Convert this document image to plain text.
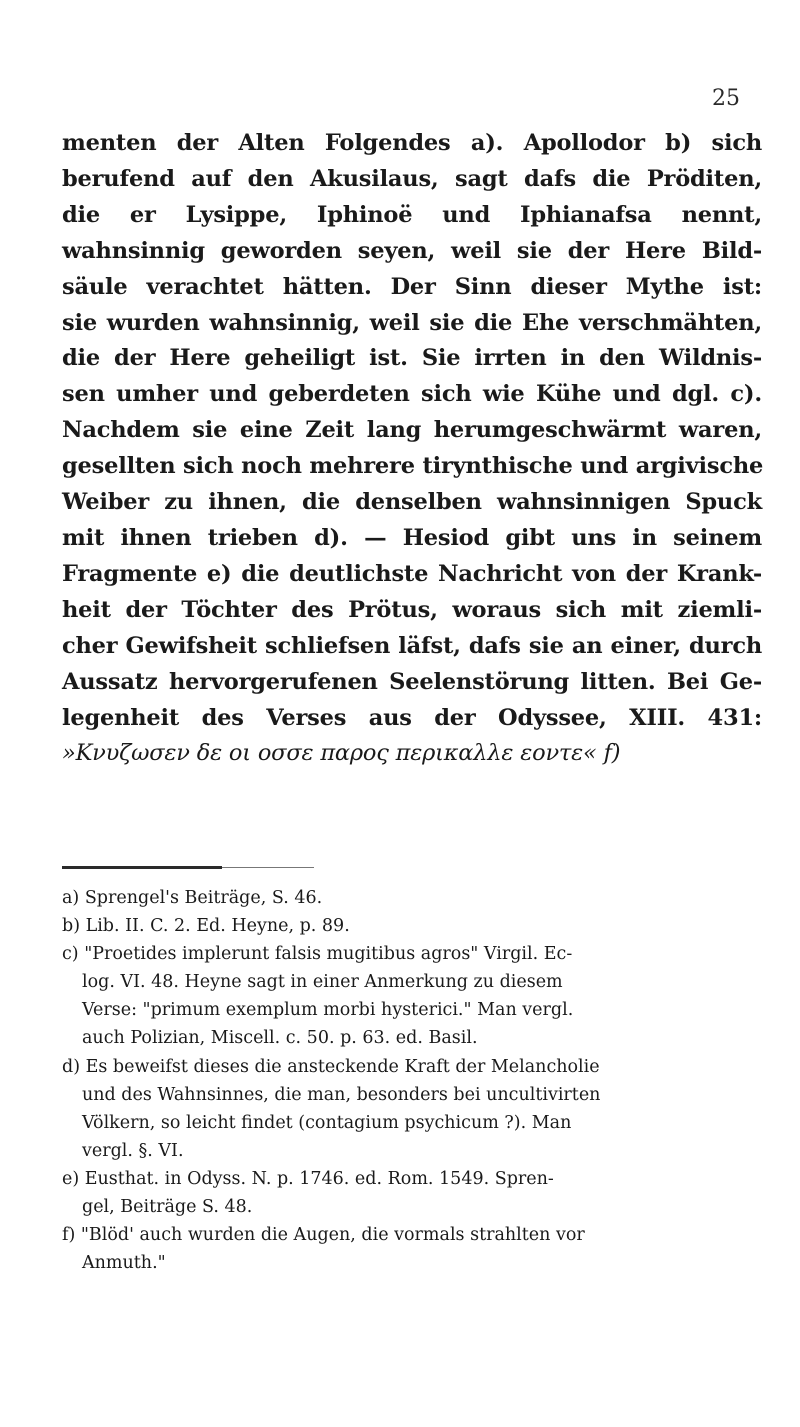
25
menten der Alten Folgendes a). Apollodor b) sich
berufend auf den Akusilaus, sagt dafs die Pröditen,
die er Lysippe, Iphinoë und Iphianafsa nennt,
wahnsinnig geworden seyen, weil sie der Here Bild-
säule verachtet hätten. Der Sinn dieser Mythe ist:
sie wurden wahnsinnig, weil sie die Ehe verschmähten,
die der Here geheiligt ist. Sie irrten in den Wildnis-
sen umher und geberdeten sich wie Kühe und dgl. c).
Nachdem sie eine Zeit lang herumgeschwärmt waren,
gesellten sich noch mehrere tirynthische und argivische
Weiber zu ihnen, die denselben wahnsinnigen Spuck
mit ihnen trieben d). — Hesiod gibt uns in seinem
Fragmente e) die deutlichste Nachricht von der Krank-
heit der Töchter des Prötus, woraus sich mit ziemli-
cher Gewifsheit schliefsen läfst, dafs sie an einer, durch
Aussatz hervorgerufenen Seelenstörung litten. Bei Ge-
legenheit des Verses aus der Odyssee, XIII. 431:
»Κνυζωσεν δε οι οσσε παρος περικαλλε εοντε« f)
a) Sprengel's Beiträge, S. 46.
b) Lib. II. C. 2. Ed. Heyne, p. 89.
c) "Proetides implerunt falsis mugitibus agros" Virgil. Ec-
log. VI. 48. Heyne sagt in einer Anmerkung zu diesem
Verse: "primum exemplum morbi hysterici." Man vergl.
auch Polizian, Miscell. c. 50. p. 63. ed. Basil.
d) Es beweifst dieses die ansteckende Kraft der Melancholie
und des Wahnsinnes, die man, besonders bei uncultivirten
Völkern, so leicht findet (contagium psychicum ?). Man
vergl. §. VI.
e) Eusthat. in Odyss. N. p. 1746. ed. Rom. 1549. Spren-
gel, Beiträge S. 48.
f) "Blöd' auch wurden die Augen, die vormals strahlten vor
Anmuth."
